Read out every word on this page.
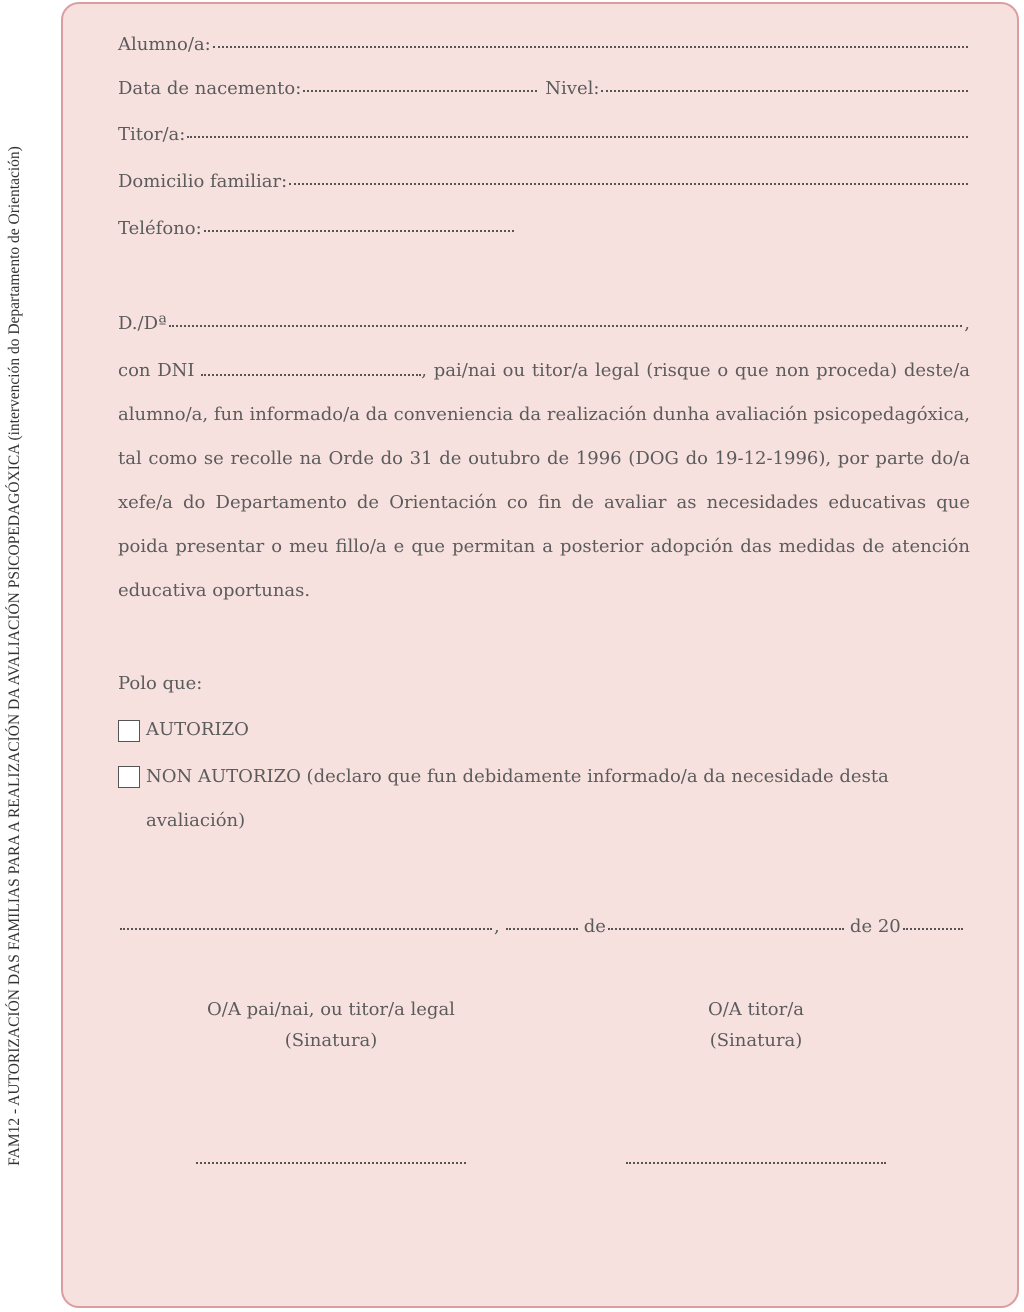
FAM12 - AUTORIZACIÓN DAS FAMILIAS PARA A REALIZACIÓN DA AVALIACIÓN PSICOPEDAGÓXICA (intervención do Departamento de Orientación)
Alumno/a:
Data de nacemento:	Nivel:
Titor/a:
Domicilio familiar:
Teléfono:
D./Dª	,
con DNI	, pai/nai ou titor/a legal (risque o que non proceda) deste/a alumno/a, fun informado/a da conveniencia da realización dunha avaliación psicopedagóxica, tal como se recolle na Orde do 31 de outubro de 1996 (DOG do 19-12-1996), por parte do/a xefe/a do Departamento de Orientación co fin de avaliar as necesidades educativas que poida presentar o meu fillo/a e que permitan a posterior adopción das medidas de atención educativa oportunas.
Polo que:
AUTORIZO
NON AUTORIZO (declaro que fun debidamente informado/a da necesidade desta avaliación)
,	de	de 20
O/A pai/nai, ou titor/a legal
(Sinatura)
O/A titor/a
(Sinatura)
